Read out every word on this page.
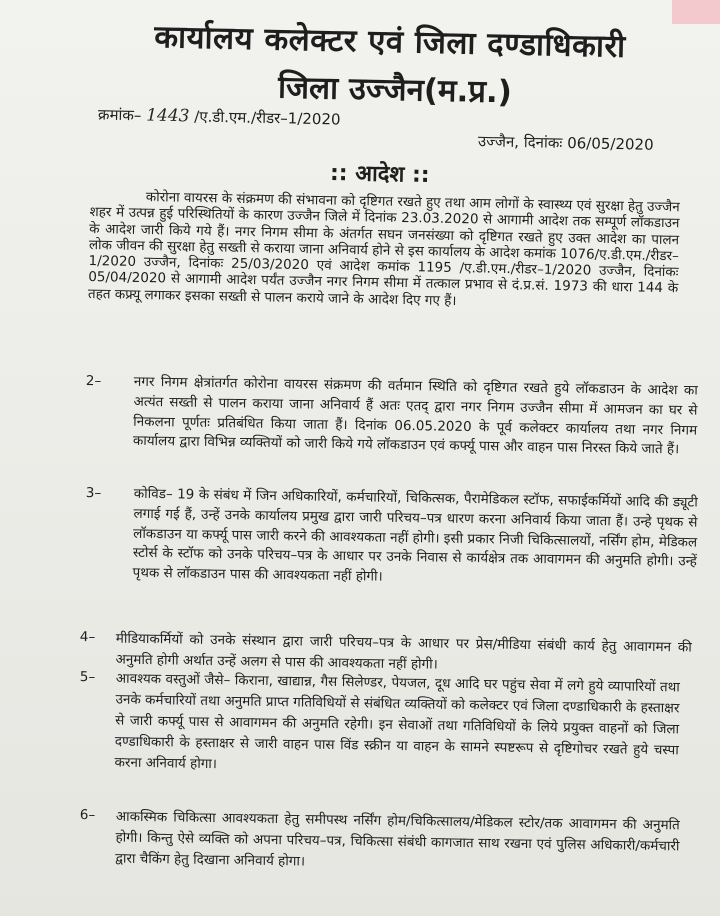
कार्यालय कलेक्टर एवं जिला दण्डाधिकारी
जिला उज्जैन(म.प्र.)
क्रमांक– 1443 /ए.डी.एम./रीडर–1/2020
उज्जैन, दिनांकः 06/05/2020
:: आदेश ::
कोरोना वायरस के संक्रमण की संभावना को दृष्टिगत रखते हुए तथा आम लोगों के स्वास्थ्य एवं सुरक्षा हेतु उज्जैन शहर में उत्पन्न हुई परिस्थितियों के कारण उज्जैन जिले में दिनांक 23.03.2020 से आगामी आदेश तक सम्पूर्ण लॉकडाउन के आदेश जारी किये गये हैं। नगर निगम सीमा के अंतर्गत सघन जनसंख्या को दृष्टिगत रखते हुए उक्त आदेश का पालन लोक जीवन की सुरक्षा हेतु सख्ती से कराया जाना अनिवार्य होने से इस कार्यालय के आदेश कमांक 1076/ए.डी.एम./रीडर–1/2020 उज्जैन, दिनांकः 25/03/2020 एवं आदेश कमांक 1195 /ए.डी.एम./रीडर–1/2020 उज्जैन, दिनांकः 05/04/2020 से आगामी आदेश पर्यंत उज्जैन नगर निगम सीमा में तत्काल प्रभाव से दं.प्र.सं. 1973 की धारा 144 के तहत कफ्र्यू लगाकर इसका सख्ती से पालन कराये जाने के आदेश दिए गए हैं।
2–	नगर निगम क्षेत्रांतर्गत कोरोना वायरस संक्रमण की वर्तमान स्थिति को दृष्टिगत रखते हुये लॉकडाउन के आदेश का अत्यंत सख्ती से पालन कराया जाना अनिवार्य हैं अतः एतद् द्वारा नगर निगम उज्जैन सीमा में आमजन का घर से निकलना पूर्णतः प्रतिबंधित किया जाता हैं। दिनांक 06.05.2020 के पूर्व कलेक्टर कार्यालय तथा नगर निगम कार्यालय द्वारा विभिन्न व्यक्तियों को जारी किये गये लॉकडाउन एवं कर्फ्यू पास और वाहन पास निरस्त किये जाते हैं।
3–	कोविड– 19 के संबंध में जिन अधिकारियों, कर्मचारियों, चिकित्सक, पैरामेडिकल स्टॉफ, सफाईकर्मियों आदि की ड्यूटी लगाई गई हैं, उन्हें उनके कार्यालय प्रमुख द्वारा जारी परिचय–पत्र धारण करना अनिवार्य किया जाता हैं। उन्हे पृथक से लॉकडाउन या कर्फ्यू पास जारी करने की आवश्यकता नहीं होगी। इसी प्रकार निजी चिकित्सालयों, नर्सिंग होम, मेडिकल स्टोर्स के स्टॉफ को उनके परिचय–पत्र के आधार पर उनके निवास से कार्यक्षेत्र तक आवागमन की अनुमति होगी। उन्हें पृथक से लॉकडाउन पास की आवश्यकता नहीं होगी।
4–	मीडियाकर्मियों को उनके संस्थान द्वारा जारी परिचय–पत्र के आधार पर प्रेस/मीडिया संबंधी कार्य हेतु आवागमन की अनुमति होगी अर्थात उन्हें अलग से पास की आवश्यकता नहीं होगी।
5–	आवश्यक वस्तुओं जैसे– किराना, खाद्यान्न, गैस सिलेण्डर, पेयजल, दूध आदि घर पहुंच सेवा में लगे हुये व्यापारियों तथा उनके कर्मचारियों तथा अनुमति प्राप्त गतिविधियों से संबंधित व्यक्तियों को कलेक्टर एवं जिला दण्डाधिकारी के हस्ताक्षर से जारी कर्फ्यू पास से आवागमन की अनुमति रहेगी। इन सेवाओं तथा गतिविधियों के लिये प्रयुक्त वाहनों को जिला दण्डाधिकारी के हस्ताक्षर से जारी वाहन पास विंड स्क्रीन या वाहन के सामने स्पष्टरूप से दृष्टिगोचर रखते हुये चस्पा करना अनिवार्य होगा।
6–	आकस्मिक चिकित्सा आवश्यकता हेतु समीपस्थ नर्सिंग होम/चिकित्सालय/मेडिकल स्टोर/तक आवागमन की अनुमति होगी। किन्तु ऐसे व्यक्ति को अपना परिचय–पत्र, चिकित्सा संबंधी कागजात साथ रखना एवं पुलिस अधिकारी/कर्मचारी द्वारा चैकिंग हेतु दिखाना अनिवार्य होगा।
